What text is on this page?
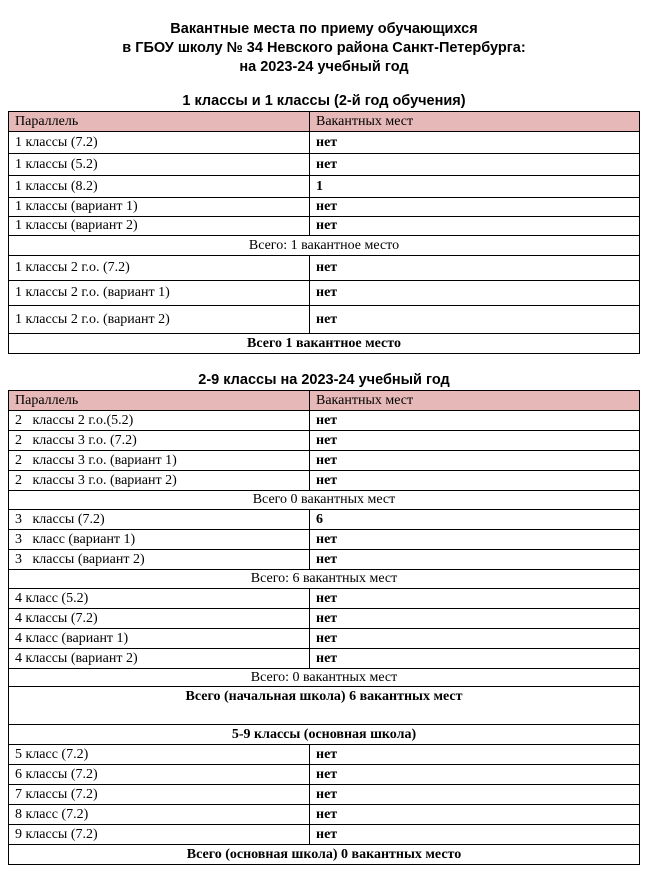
Вакантные места по приему обучающихся
в ГБОУ школу № 34 Невского района Санкт-Петербурга:
на 2023-24 учебный год
1 классы и 1 классы (2-й год обучения)
Параллель	Вакантных мест
1 классы (7.2)	нет
1 классы (5.2)	нет
1 классы (8.2)	1
1 классы (вариант 1)	нет
1 классы (вариант 2)	нет
Всего: 1 вакантное место	
1 классы 2 г.о. (7.2)	нет
1 классы 2 г.о. (вариант 1)	нет
1 классы 2 г.о. (вариант 2)	нет
Всего 1 вакантное место	
2-9 классы на 2023-24 учебный год
Параллель	Вакантных мест
2   классы 2 г.о.(5.2)	нет
2   классы 3 г.о. (7.2)	нет
2   классы 3 г.о. (вариант 1)	нет
2   классы 3 г.о. (вариант 2)	нет
Всего 0 вакантных мест	
3   классы (7.2)	6
3   класс (вариант 1)	нет
3   классы (вариант 2)	нет
Всего: 6 вакантных мест	
4 класс (5.2)	нет
4 классы (7.2)	нет
4 класс (вариант 1)	нет
4 классы (вариант 2)	нет
Всего: 0 вакантных мест	
Всего (начальная школа) 6 вакантных мест	
5-9 классы (основная школа)	
5 класс (7.2)	нет
6 классы (7.2)	нет
7 классы (7.2)	нет
8 класс (7.2)	нет
9 классы (7.2)	нет
Всего (основная школа) 0 вакантных место	
